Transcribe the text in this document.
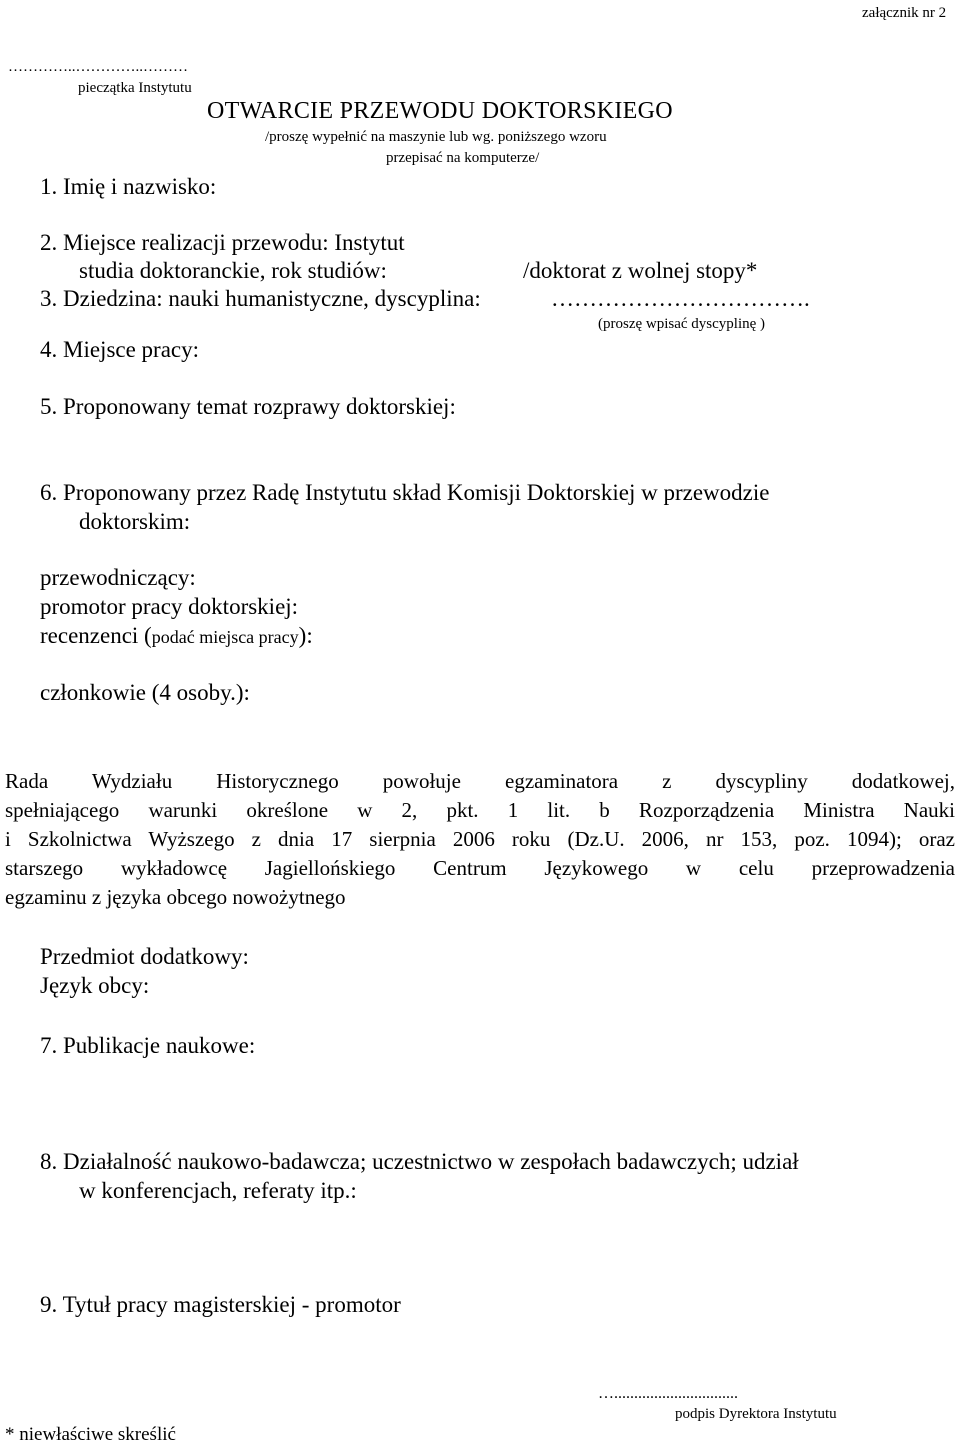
załącznik nr 2
…………..…………..………
pieczątka Instytutu
OTWARCIE PRZEWODU DOKTORSKIEGO
/proszę wypełnić na maszynie lub wg. poniższego wzoru
przepisać na komputerze/
1. Imię i nazwisko:
2. Miejsce realizacji przewodu: Instytut
studia doktoranckie, rok studiów:	/doktorat z wolnej stopy*
3. Dziedzina: nauki humanistyczne, dyscyplina:	…………………………….
(proszę wpisać dyscyplinę )
4. Miejsce pracy:
5. Proponowany temat rozprawy doktorskiej:
6. Proponowany przez Radę Instytutu skład Komisji Doktorskiej w przewodzie
doktorskim:
przewodniczący:
promotor pracy doktorskiej:
recenzenci (podać miejsca pracy):
członkowie (4 osoby.):
Rada Wydziału Historycznego powołuje egzaminatora z dyscypliny dodatkowej,
spełniającego warunki określone w 2, pkt. 1 lit. b Rozporządzenia Ministra Nauki
i Szkolnictwa Wyższego z dnia 17 sierpnia 2006 roku (Dz.U. 2006, nr 153, poz. 1094); oraz
starszego wykładowcę Jagiellońskiego Centrum Językowego w celu przeprowadzenia
egzaminu z języka obcego nowożytnego
Przedmiot dodatkowy:
Język obcy:
7. Publikacje naukowe:
8. Działalność naukowo-badawcza; uczestnictwo w zespołach badawczych; udział
w konferencjach, referaty itp.:
9. Tytuł pracy magisterskiej - promotor
…...............................
podpis Dyrektora Instytutu
* niewłaściwe skreślić
